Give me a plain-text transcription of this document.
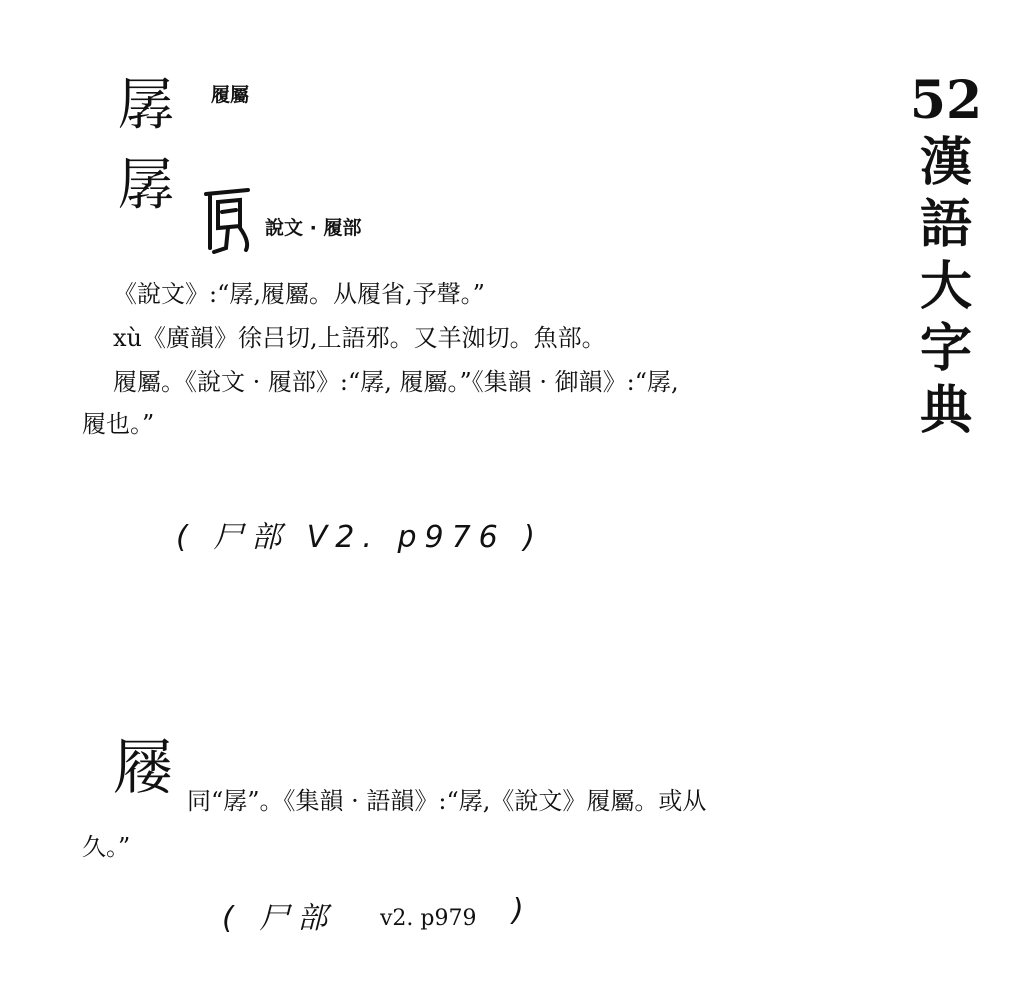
孱 履屬
孱
說文 · 履部
《說文》:“孱,履屬。从履省,予聲。”
xù《廣韻》徐吕切,上語邪。又羊洳切。魚部。
履屬。《說文 · 履部》:“孱, 履屬。”《集韻 · 御韻》:“孱,
履也。”
( 尸部 V2. p976 )
屦 同“孱”。《集韻 · 語韻》:“孱,《說文》履屬。或从
久。”
( 尸部 v2. p979 )
52
漢
語
大
字
典
